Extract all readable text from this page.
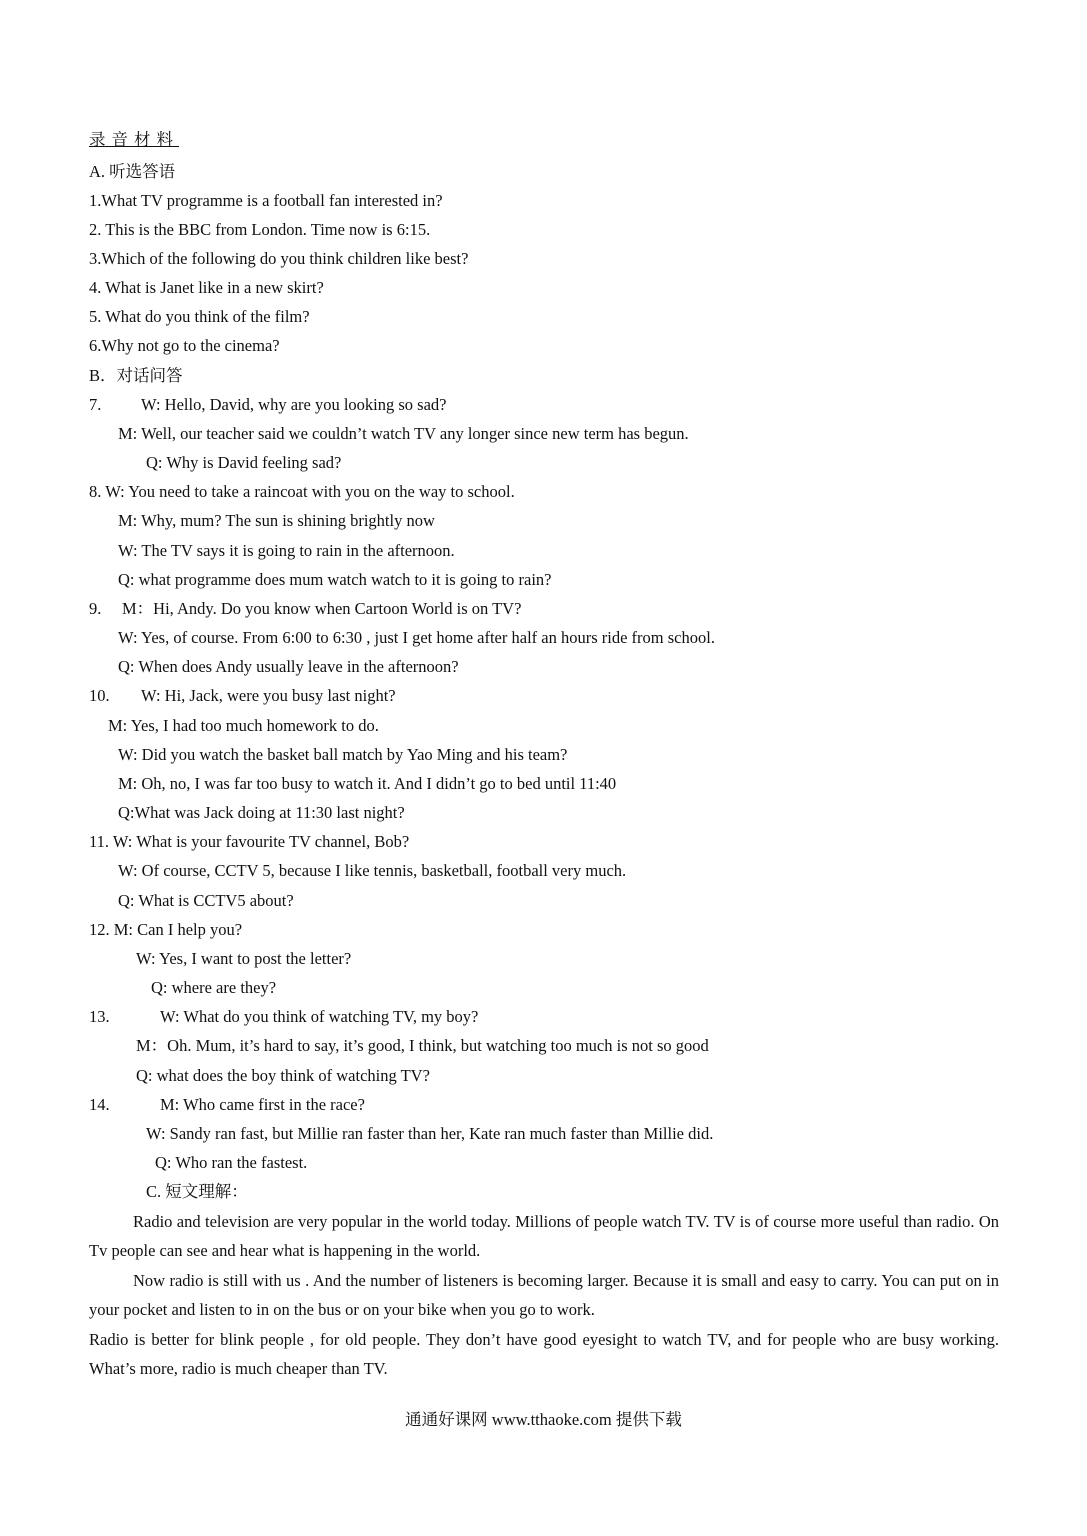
录音材料
A. 听选答语
1.What TV programme is a football fan interested in?
2. This is the BBC from London. Time now is 6:15.
3.Which of the following do you think children like best?
4. What is Janet like in a new skirt?
5. What do you think of the film?
6.Why not go to the cinema?
B．对话问答
7. W: Hello, David, why are you looking so sad?
M: Well, our teacher said we couldn’t watch TV any longer since new term has begun.
Q: Why is David feeling sad?
8. W: You need to take a raincoat with you on the way to school.
M: Why, mum? The sun is shining brightly now
W: The TV says it is going to rain in the afternoon.
Q: what programme does mum watch watch to it is going to rain?
9. M：Hi, Andy. Do you know when Cartoon World is on TV?
W: Yes, of course. From 6:00 to 6:30 , just I get home after half an hours ride from school.
Q: When does Andy usually leave in the afternoon?
10. W: Hi, Jack, were you busy last night?
M: Yes, I had too much homework to do.
W: Did you watch the basket ball match by Yao Ming and his team?
M: Oh, no, I was far too busy to watch it. And I didn’t go to bed until 11:40
Q:What was Jack doing at 11:30 last night?
11. W: What is your favourite TV channel, Bob?
W: Of course, CCTV 5, because I like tennis, basketball, football very much.
Q: What is CCTV5 about?
12. M: Can I help you?
W: Yes, I want to post the letter?
Q: where are they?
13.	W: What do you think of watching TV, my boy?
M：Oh. Mum, it’s hard to say, it’s good, I think, but watching too much is not so good
Q: what does the boy think of watching TV?
14.	M: Who came first in the race?
W: Sandy ran fast, but Millie ran faster than her, Kate ran much faster than Millie did.
Q: Who ran the fastest.
C. 短文理解：
Radio and television are very popular in the world today. Millions of people watch TV. TV is of course more useful than radio. On Tv people can see and hear what is happening in the world.
Now radio is still with us . And the number of listeners is becoming larger. Because it is small and easy to carry. You can put on in your pocket and listen to in on the bus or on your bike when you go to work.
Radio is better for blink people , for old people. They don’t have good eyesight to watch TV, and for people who are busy working. What’s more, radio is much cheaper than TV.
通通好课网 www.tthaoke.com 提供下载
